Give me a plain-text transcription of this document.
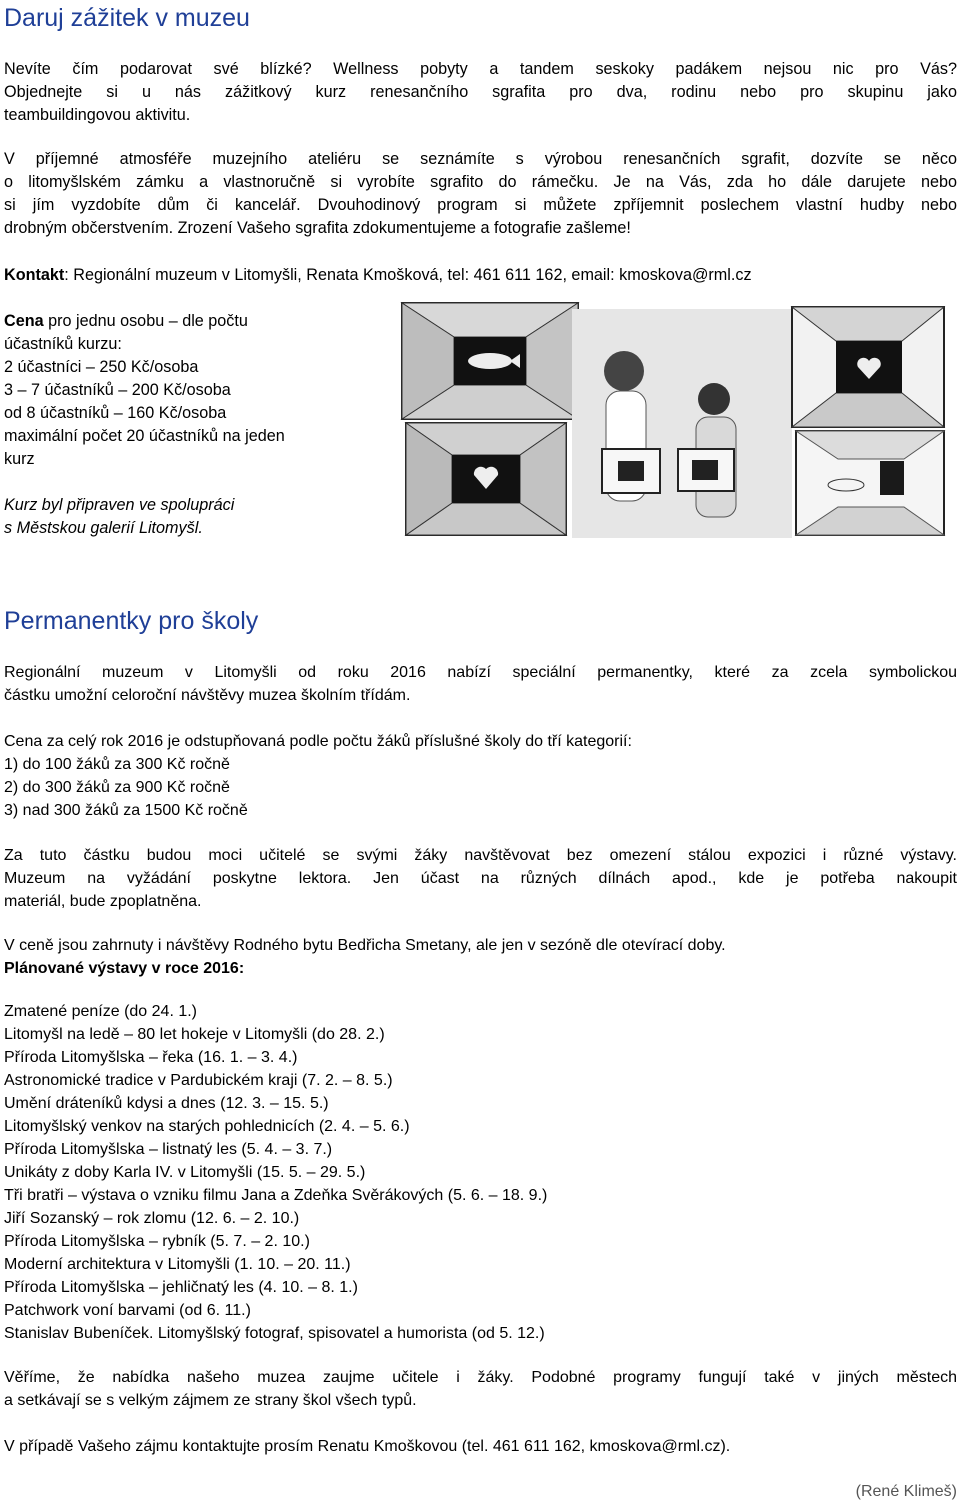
Daruj zážitek v muzeu
Nevíte čím podarovat své blízké? Wellness pobyty a tandem seskoky padákem nejsou nic pro Vás?
Objednejte si u nás zážitkový kurz renesančního sgrafita pro dva, rodinu nebo pro skupinu jako
teambuildingovou aktivitu.
V příjemné atmosféře muzejního ateliéru se seznámíte s výrobou renesančních sgrafit, dozvíte se něco
o litomyšlském zámku a vlastnoručně si vyrobíte sgrafito do rámečku. Je na Vás, zda ho dále darujete nebo
si jím vyzdobíte dům či kancelář. Dvouhodinový program si můžete zpříjemnit poslechem vlastní hudby nebo
drobným občerstvením. Zrození Vašeho sgrafita zdokumentujeme a fotografie zašleme!
Kontakt: Regionální muzeum v Litomyšli, Renata Kmošková, tel: 461 611 162, email: kmoskova@rml.cz
Cena pro jednu osobu – dle počtu
účastníků kurzu:
2 účastníci – 250 Kč/osoba
3 – 7 účastníků – 200 Kč/osoba
od 8 účastníků – 160 Kč/osoba
maximální počet 20 účastníků na jeden
kurz
Kurz byl připraven ve spolupráci
s Městskou galerií Litomyšl.
Permanentky pro školy
Regionální muzeum v Litomyšli od roku 2016 nabízí speciální permanentky, které za zcela symbolickou
částku umožní celoroční návštěvy muzea školním třídám.
Cena za celý rok 2016 je odstupňovaná podle počtu žáků příslušné školy do tří kategorií:
1) do 100 žáků za 300 Kč ročně
2) do 300 žáků za 900 Kč ročně
3) nad 300 žáků za 1500 Kč ročně
Za tuto částku budou moci učitelé se svými žáky navštěvovat bez omezení stálou expozici i různé výstavy.
Muzeum na vyžádání poskytne lektora. Jen účast na různých dílnách apod., kde je potřeba nakoupit
materiál, bude zpoplatněna.
V ceně jsou zahrnuty i návštěvy Rodného bytu Bedřicha Smetany, ale jen v sezóně dle otevírací doby.
Plánované výstavy v roce 2016:
Zmatené peníze (do 24. 1.)
Litomyšl na ledě – 80 let hokeje v Litomyšli (do 28. 2.)
Příroda Litomyšlska – řeka (16. 1. – 3. 4.)
Astronomické tradice v Pardubickém kraji (7. 2. – 8. 5.)
Umění dráteníků kdysi a dnes (12. 3. – 15. 5.)
Litomyšlský venkov na starých pohlednicích (2. 4. – 5. 6.)
Příroda Litomyšlska – listnatý les (5. 4. – 3. 7.)
Unikáty z doby Karla IV. v Litomyšli (15. 5. – 29. 5.)
Tři bratři – výstava o vzniku filmu Jana a Zdeňka Svěrákových (5. 6. – 18. 9.)
Jiří Sozanský – rok zlomu (12. 6. – 2. 10.)
Příroda Litomyšlska – rybník (5. 7. – 2. 10.)
Moderní architektura v Litomyšli (1. 10. – 20. 11.)
Příroda Litomyšlska – jehličnatý les (4. 10. – 8. 1.)
Patchwork voní barvami (od 6. 11.)
Stanislav Bubeníček. Litomyšlský fotograf, spisovatel a humorista (od 5. 12.)
Věříme, že nabídka našeho muzea zaujme učitele i žáky. Podobné programy fungují také v jiných městech
a setkávají se s velkým zájmem ze strany škol všech typů.
V případě Vašeho zájmu kontaktujte prosím Renatu Kmoškovou (tel. 461 611 162, kmoskova@rml.cz).
(René Klimeš)
